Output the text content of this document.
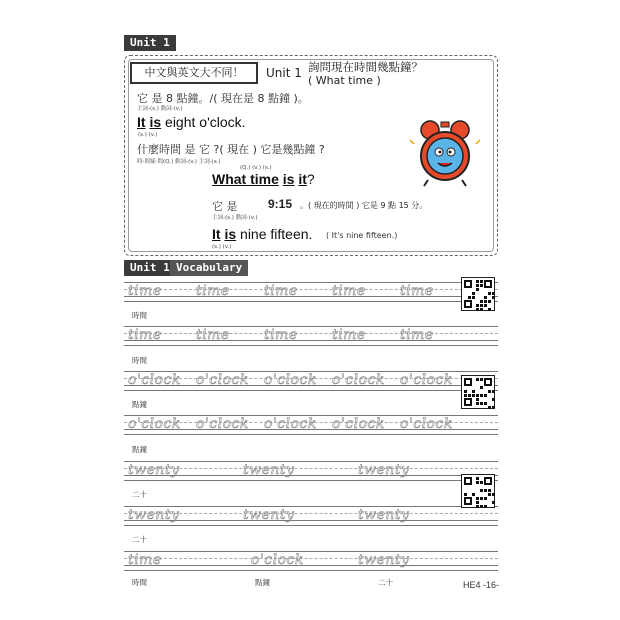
Unit 1
中文與英文大不同！	Unit 1 詢問現在時間幾點鐘？
( What time )
它 是 8 點鐘。/( 現在是 8 點鐘 )。
主詞-(s.) 動詞-(v.)
It is eight o'clock.
(s.) (v.)
什麼時間 是 它 ?( 現在 ) 它是幾點鐘 ?
時-間疑-問(Q.) 動詞-(v.) 主詞-(s.)
(Q.) (v.) (s.)
What time is it?
它 是	9:15 。( 現在的時間 ) 它是 9 點 15 分。
主詞-(s.) 動詞-(v.)
It is nine fifteen. ( It's nine fifteen.)
(s.) (v.)
Unit 1 Vocabulary
time time time time time
時間
time time time time time
時間
o'clock o'clock o'clock o'clock o'clock
點鐘
o'clock o'clock o'clock o'clock o'clock
點鐘
twenty	twenty	twenty
二十
twenty	twenty	twenty
二十
time	o'clock	twenty
時間	點鐘	二十	HE4 -16-
